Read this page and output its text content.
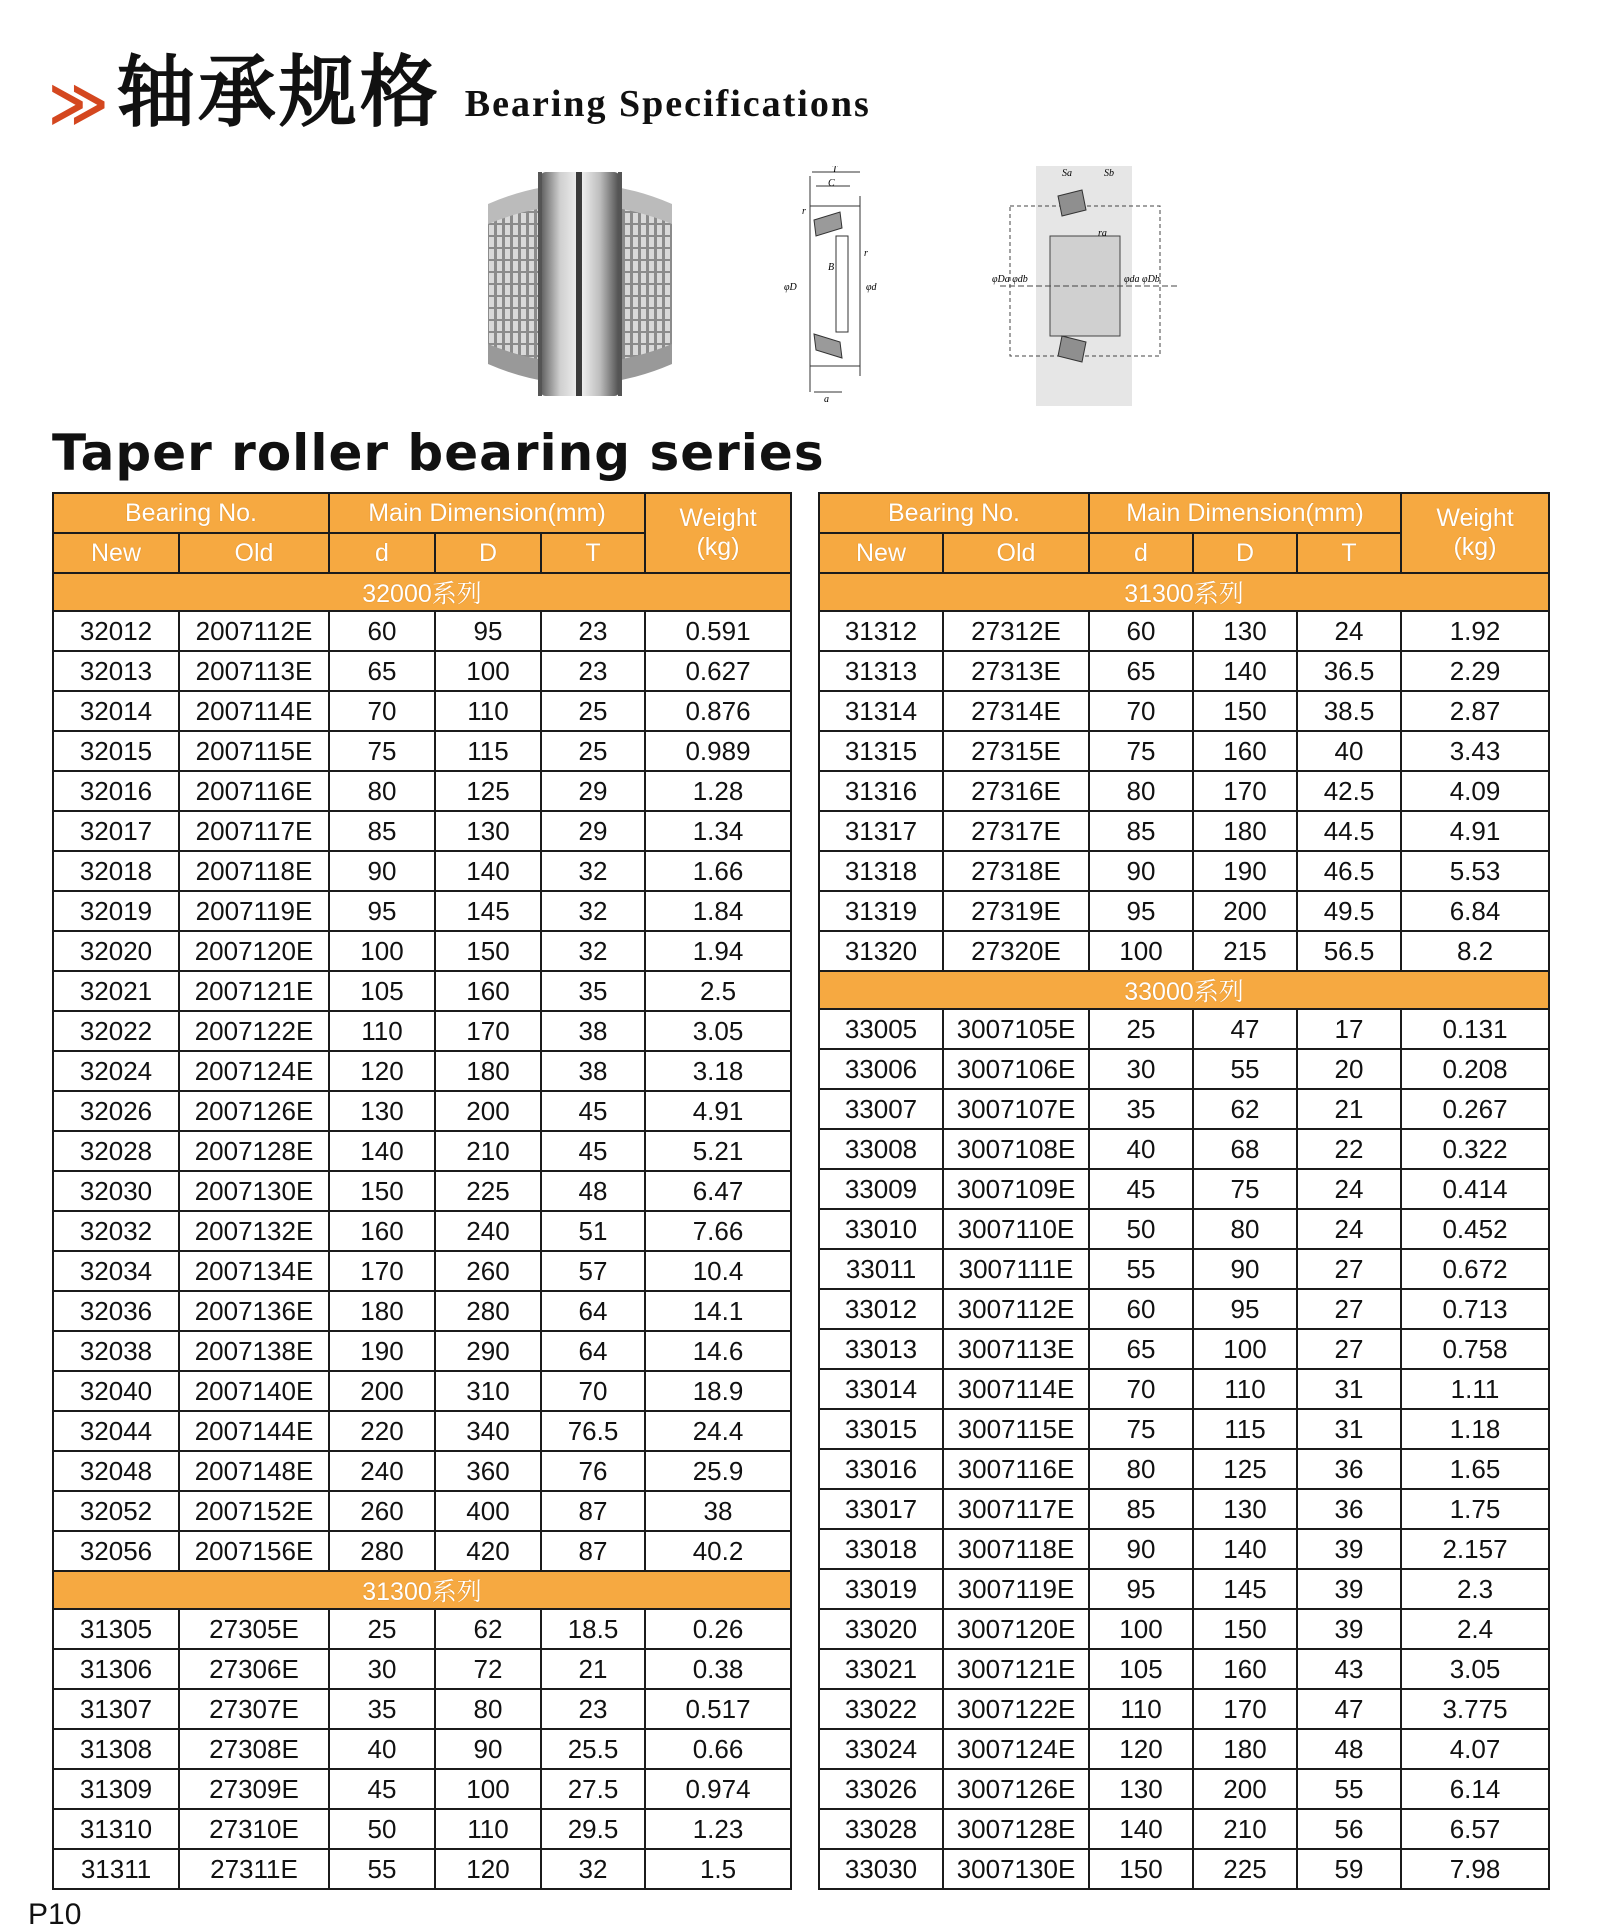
≫ 轴承规格 Bearing Specifications
T
C
B
φD	φd
r
r
a
Sa	Sb
ra
φDa φdb	φda φDb
Taper roller bearing series
Bearing No.		Main Dimension(mm)			Weight
(kg)

New	Old	d	D	T	
32000系列					
32012	2007112E	60	95	23	0.591
32013	2007113E	65	100	23	0.627
32014	2007114E	70	110	25	0.876
32015	2007115E	75	115	25	0.989
32016	2007116E	80	125	29	1.28
32017	2007117E	85	130	29	1.34
32018	2007118E	90	140	32	1.66
32019	2007119E	95	145	32	1.84
32020	2007120E	100	150	32	1.94
32021	2007121E	105	160	35	2.5
32022	2007122E	110	170	38	3.05
32024	2007124E	120	180	38	3.18
32026	2007126E	130	200	45	4.91
32028	2007128E	140	210	45	5.21
32030	2007130E	150	225	48	6.47
32032	2007132E	160	240	51	7.66
32034	2007134E	170	260	57	10.4
32036	2007136E	180	280	64	14.1
32038	2007138E	190	290	64	14.6
32040	2007140E	200	310	70	18.9
32044	2007144E	220	340	76.5	24.4
32048	2007148E	240	360	76	25.9
32052	2007152E	260	400	87	38
32056	2007156E	280	420	87	40.2
31300系列					
31305	27305E	25	62	18.5	0.26
31306	27306E	30	72	21	0.38
31307	27307E	35	80	23	0.517
31308	27308E	40	90	25.5	0.66
31309	27309E	45	100	27.5	0.974
31310	27310E	50	110	29.5	1.23
31311	27311E	55	120	32	1.5
Bearing No.		Main Dimension(mm)			Weight
(kg)

New	Old	d	D	T	
31300系列					
31312	27312E	60	130	24	1.92
31313	27313E	65	140	36.5	2.29
31314	27314E	70	150	38.5	2.87
31315	27315E	75	160	40	3.43
31316	27316E	80	170	42.5	4.09
31317	27317E	85	180	44.5	4.91
31318	27318E	90	190	46.5	5.53
31319	27319E	95	200	49.5	6.84
31320	27320E	100	215	56.5	8.2
33000系列					
33005	3007105E	25	47	17	0.131
33006	3007106E	30	55	20	0.208
33007	3007107E	35	62	21	0.267
33008	3007108E	40	68	22	0.322
33009	3007109E	45	75	24	0.414
33010	3007110E	50	80	24	0.452
33011	3007111E	55	90	27	0.672
33012	3007112E	60	95	27	0.713
33013	3007113E	65	100	27	0.758
33014	3007114E	70	110	31	1.11
33015	3007115E	75	115	31	1.18
33016	3007116E	80	125	36	1.65
33017	3007117E	85	130	36	1.75
33018	3007118E	90	140	39	2.157
33019	3007119E	95	145	39	2.3
33020	3007120E	100	150	39	2.4
33021	3007121E	105	160	43	3.05
33022	3007122E	110	170	47	3.775
33024	3007124E	120	180	48	4.07
33026	3007126E	130	200	55	6.14
33028	3007128E	140	210	56	6.57
33030	3007130E	150	225	59	7.98
P10
